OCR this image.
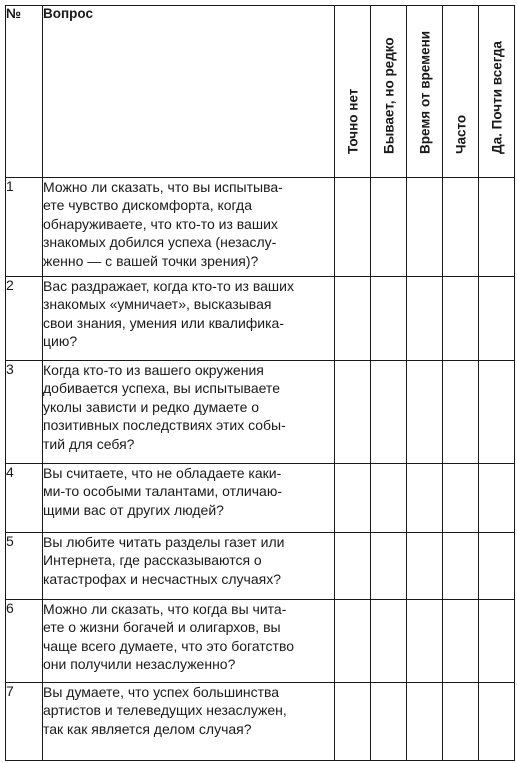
№	Вопрос	Точно нет	Бывает, но редко	Время от времени	Часто	Да. Почти всегда

1	Можно ли сказать, что вы испытыва-
ете чувство дискомфорта, когда
обнаруживаете, что кто-то из ваших
знакомых добился успеха (незаслу-
женно — с вашей точки зрения)?					

2	Вас раздражает, когда кто-то из ваших
знакомых «умничает», высказывая
свои знания, умения или квалифика-
цию?					

3	Когда кто-то из вашего окружения
добивается успеха, вы испытываете
уколы зависти и редко думаете о
позитивных последствиях этих собы-
тий для себя?					

4	Вы считаете, что не обладаете каки-
ми-то особыми талантами, отличаю-
щими вас от других людей?					

5	Вы любите читать разделы газет или
Интернета, где рассказываются о
катастрофах и несчастных случаях?					

6	Можно ли сказать, что когда вы чита-
ете о жизни богачей и олигархов, вы
чаще всего думаете, что это богатство
они получили незаслуженно?					

7	Вы думаете, что успех большинства
артистов и телеведущих незаслужен,
так как является делом случая?					
